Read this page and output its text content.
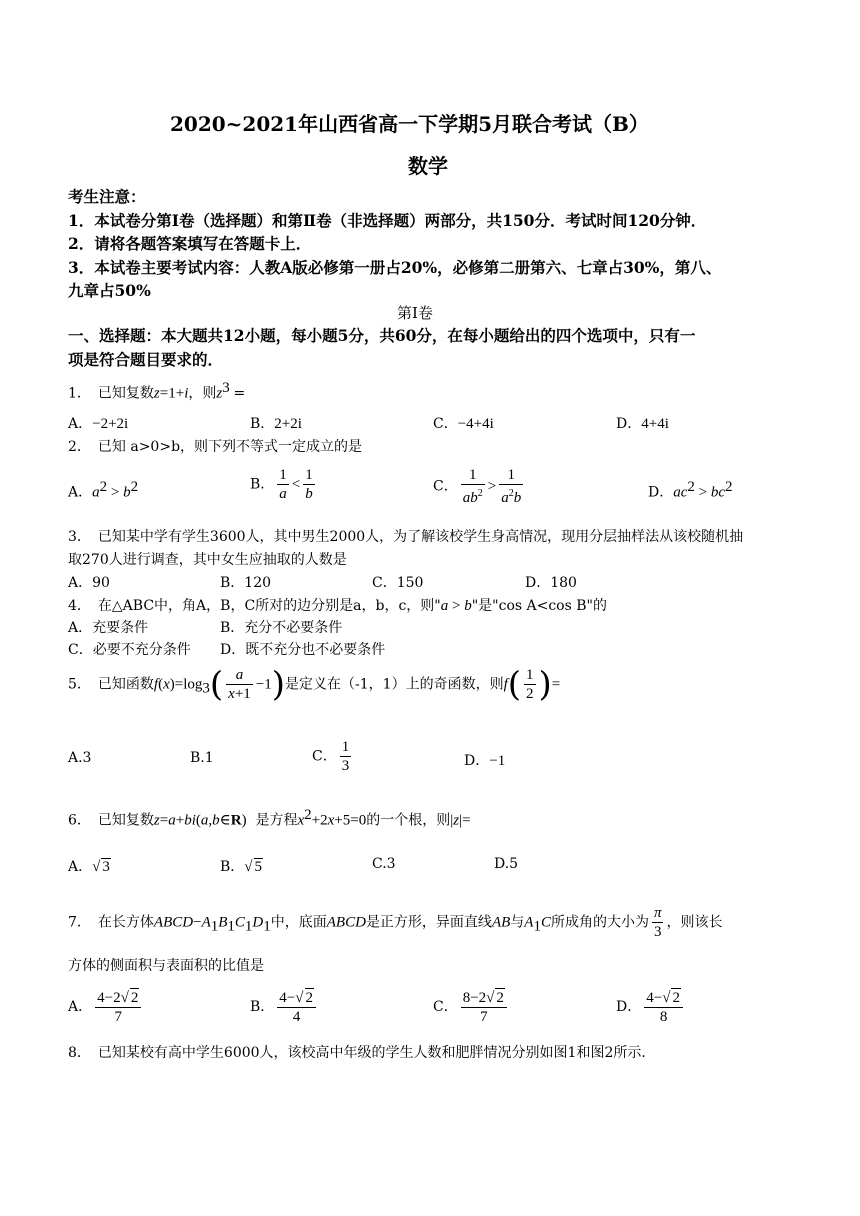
2020~2021年山西省高一下学期5月联合考试（B）
数学
考生注意：
1．本试卷分第Ⅰ卷（选择题）和第Ⅱ卷（非选择题）两部分，共150分．考试时间120分钟．
2．请将各题答案填写在答题卡上．
3．本试卷主要考试内容：人教A版必修第一册占20%，必修第二册第六、七章占30%，第八、
九章占50%
第Ⅰ卷
一、选择题：本大题共12小题，每小题5分，共60分，在每小题给出的四个选项中，只有一
项是符合题目要求的．
1．　已知复数z=1+i，则$z^3$ =
A．−2+2i	B．2+2i	C．−4+4i	D．4+4i
2．　已知 a>0>b，则下列不等式一定成立的是
A．$a^2 > b^2$	B． $\frac{1}{a} < \frac{1}{b}$	C． $\frac{1}{ab^2} > \frac{1}{a^2b}$	D．$ac^2 > bc^2$
3．　已知某中学有学生3600人，其中男生2000人，为了解该校学生身高情况，现用分层抽样法从该校随机抽
取270人进行调查，其中女生应抽取的人数是
A．90	B．120	C．150	D．180
4．　在△ABC中，角A，B，C所对的边分别是a，b，c，则"a > b"是"cos A<cos B"的
A．充要条件	B．充分不必要条件
C．必要不充分条件 D．既不充分也不必要条件
5．　已知函数$f(x)=\log_3( \frac{a}{x+1} -1)$是定义在（-1，1）上的奇函数，则$f( \frac{1}{2}$ )=
A.3	B.1	C． $\frac{1}{3}$	D．−1
6．　已知复数z=a+bi(a,b∈R) 是方程$x^2+2x+5=0$的一个根，则|z|=
A．√ 3	B．√ 5	C.3	D.5
7．　在长方体$ABCD-A_1B_1C_1D_1$中，底面ABCD是正方形，异面直线AB与$A_1C$所成角的大小为 $\frac{\pi}{3}$ ，则该长
方体的侧面积与表面积的比值是
A． $\frac{4-2√ 2}{7}$	B． $\frac{4-√ 2}{4}$	C． $\frac{8-2√ 2}{7}$	D． $\frac{4-√ 2}{8}$
8．　已知某校有高中学生6000人，该校高中年级的学生人数和肥胖情况分别如图1和图2所示．
